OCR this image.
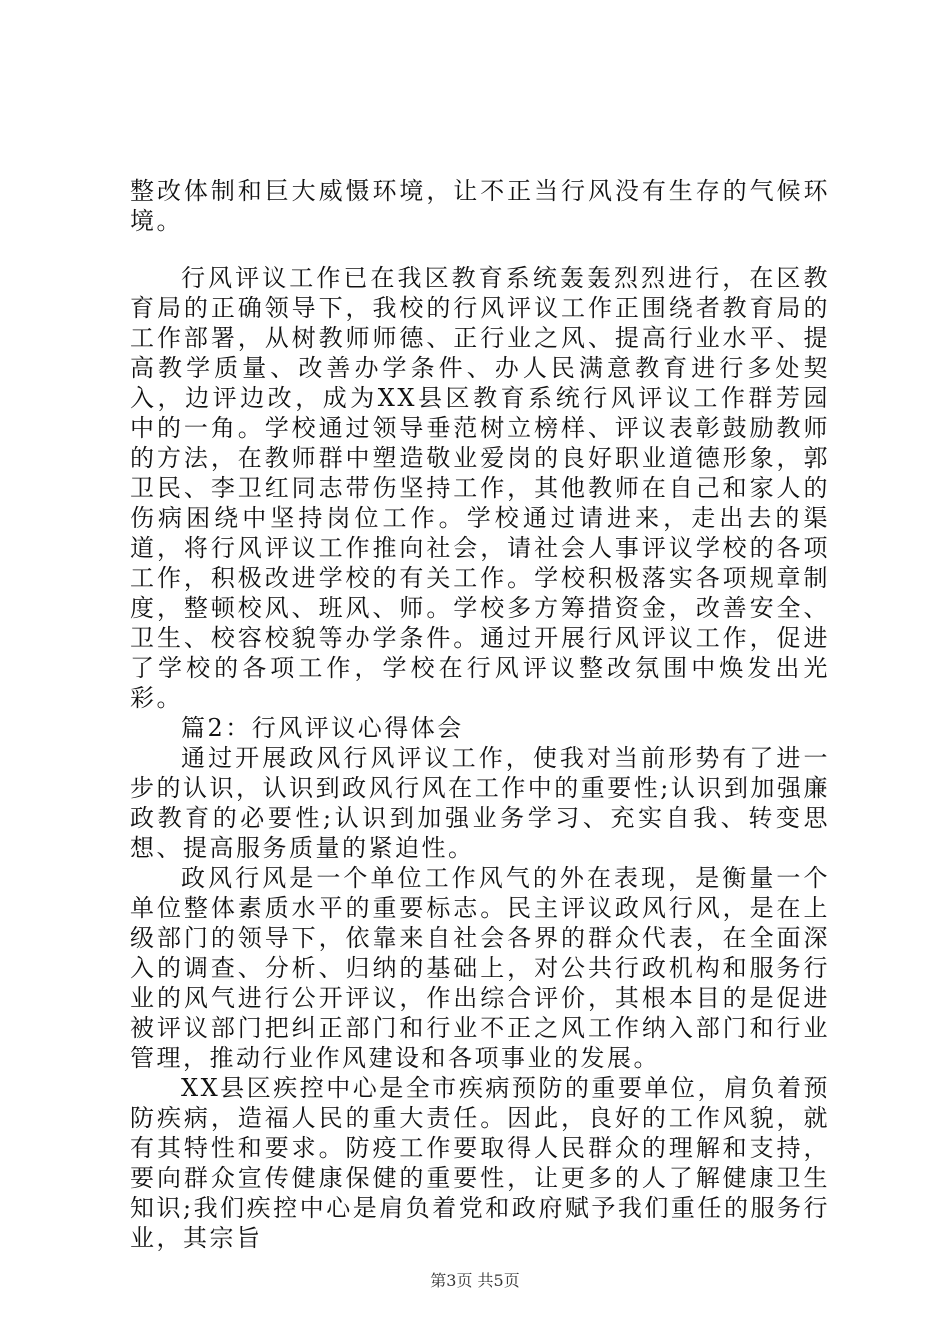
整改体制和巨大威慑环境，让不正当行风没有生存的气候环境。

行风评议工作已在我区教育系统轰轰烈烈进行，在区教育局的正确领导下，我校的行风评议工作正围绕者教育局的工作部署，从树教师师德、正行业之风、提高行业水平、提高教学质量、改善办学条件、办人民满意教育进行多处契入，边评边改，成为XX县区教育系统行风评议工作群芳园中的一角。学校通过领导垂范树立榜样、评议表彰鼓励教师的方法，在教师群中塑造敬业爱岗的良好职业道德形象，郭卫民、李卫红同志带伤坚持工作，其他教师在自己和家人的伤病困绕中坚持岗位工作。学校通过请进来，走出去的渠道，将行风评议工作推向社会，请社会人事评议学校的各项工作，积极改进学校的有关工作。学校积极落实各项规章制度，整顿校风、班风、师。学校多方筹措资金，改善安全、卫生、校容校貌等办学条件。通过开展行风评议工作，促进了学校的各项工作，学校在行风评议整改氛围中焕发出光彩。

篇2：行风评议心得体会

通过开展政风行风评议工作，使我对当前形势有了进一步的认识，认识到政风行风在工作中的重要性;认识到加强廉政教育的必要性;认识到加强业务学习、充实自我、转变思想、提高服务质量的紧迫性。

政风行风是一个单位工作风气的外在表现，是衡量一个单位整体素质水平的重要标志。民主评议政风行风，是在上级部门的领导下，依靠来自社会各界的群众代表，在全面深入的调查、分析、归纳的基础上，对公共行政机构和服务行业的风气进行公开评议，作出综合评价，其根本目的是促进被评议部门把纠正部门和行业不正之风工作纳入部门和行业管理，推动行业作风建设和各项事业的发展。

XX县区疾控中心是全市疾病预防的重要单位，肩负着预防疾病，造福人民的重大责任。因此，良好的工作风貌，就有其特性和要求。防疫工作要取得人民群众的理解和支持，要向群众宣传健康保健的重要性，让更多的人了解健康卫生知识;我们疾控中心是肩负着党和政府赋予我们重任的服务行业，其宗旨

第3页 共5页
